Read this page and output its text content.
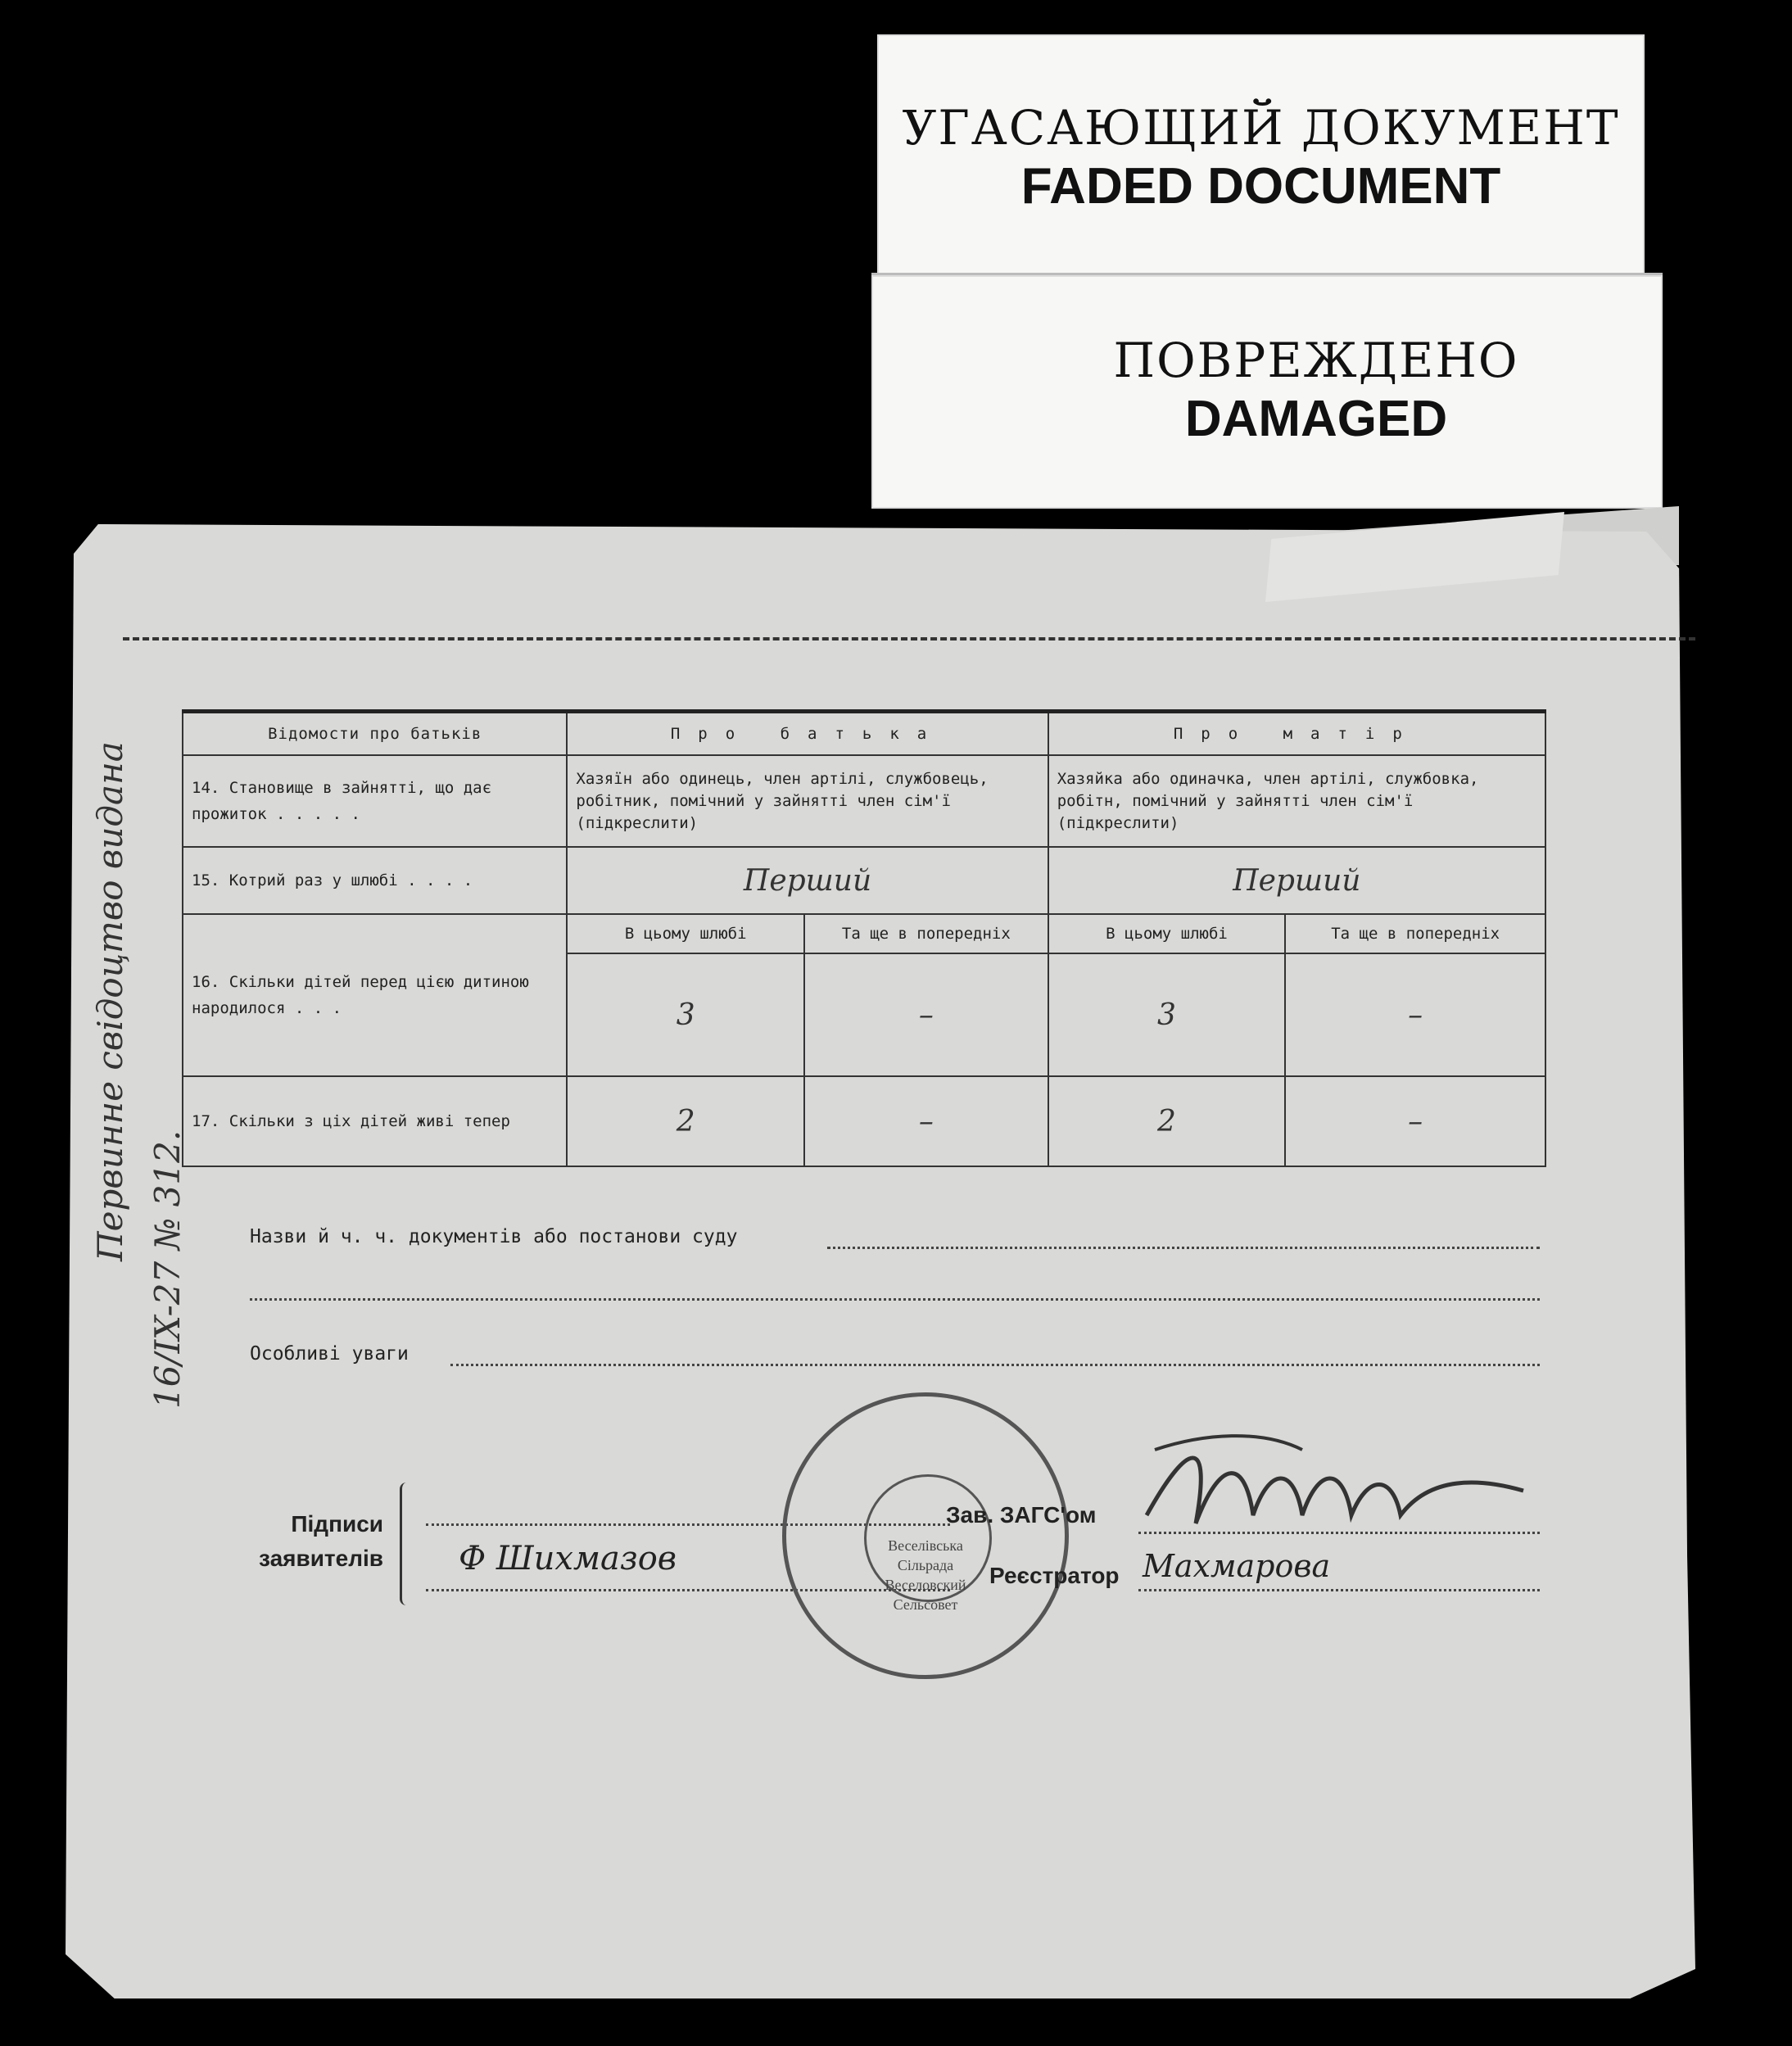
УГАСАЮЩИЙ ДОКУМЕНТ
FADED DOCUMENT
ПОВРЕЖДЕНО
DAMAGED
Відомости про батьків	Про батька		Про матір	
14. Становище в зайнятті, що дає прожиток . . . . .	Хазяїн або одинець, член артілі, службовець, робітник, помічний у зайнятті член сім'ї (підкреслити)		Хазяйка або одиначка, член артілі, службовка, робітн, помічний у зайнятті член сім'ї (підкреслити)	
15. Котрий раз у шлюбі . . . .	Перший		Перший	
16. Скільки дітей перед цією дитиною народилося . . .	В цьому шлюбі	Та ще в попередніх	В цьому шлюбі	Та ще в попередніх
	3	–	3	–
17. Скільки з ціх дітей живі тепер	2	–	2	–
Назви й ч. ч. документів або постанови суду
Особливі уваги
Підписи
заявителів Ф Шихмазов	Веселівська Сільрада Веселовский Сельсовет
Зав. ЗАГС'ом
Реєстратор Махмарова
Первинне свідоцтво видана
16/IX-27 № 312.
